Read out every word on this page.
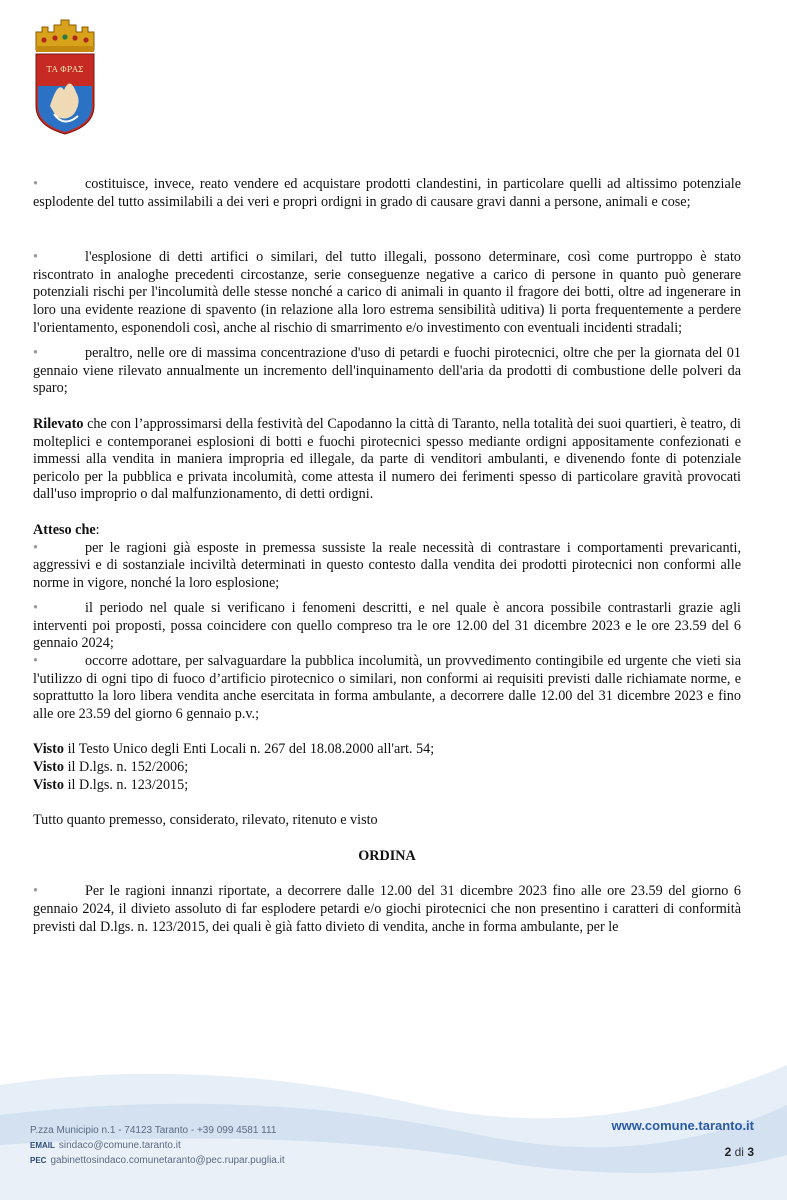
ΤΑ ΦΡΑΣ

•	costituisce, invece, reato vendere ed acquistare prodotti clandestini, in particolare quelli ad altissimo potenziale esplodente del tutto assimilabili a dei veri e propri ordigni in grado di causare gravi danni a persone, animali e cose;

•	l'esplosione di detti artifici o similari, del tutto illegali, possono determinare, così come purtroppo è stato riscontrato in analoghe precedenti circostanze, serie conseguenze negative a carico di persone in quanto può generare potenziali rischi per l'incolumità delle stesse nonché a carico di animali in quanto il fragore dei botti, oltre ad ingenerare in loro una evidente reazione di spavento (in relazione alla loro estrema sensibilità uditiva) li porta frequentemente a perdere l'orientamento, esponendoli così, anche al rischio di smarrimento e/o investimento con eventuali incidenti stradali;

•	peraltro, nelle ore di massima concentrazione d'uso di petardi e fuochi pirotecnici, oltre che per la giornata del 01 gennaio viene rilevato annualmente un incremento dell'inquinamento dell'aria da prodotti di combustione delle polveri da sparo;

Rilevato che con l’approssimarsi della festività del Capodanno la città di Taranto, nella totalità dei suoi quartieri, è teatro, di molteplici e contemporanei esplosioni di botti e fuochi pirotecnici spesso mediante ordigni appositamente confezionati e immessi alla vendita in maniera impropria ed illegale, da parte di venditori ambulanti, e divenendo fonte di potenziale pericolo per la pubblica e privata incolumità, come attesta il numero dei ferimenti spesso di particolare gravità provocati dall'uso improprio o dal malfunzionamento, di detti ordigni.

Atteso che:

•	per le ragioni già esposte in premessa sussiste la reale necessità di contrastare i comportamenti prevaricanti, aggressivi e di sostanziale inciviltà determinati in questo contesto dalla vendita dei prodotti pirotecnici non conformi alle norme in vigore, nonché la loro esplosione;

•	il periodo nel quale si verificano i fenomeni descritti, e nel quale è ancora possibile contrastarli grazie agli interventi poi proposti, possa coincidere con quello compreso tra le ore 12.00 del 31 dicembre 2023 e le ore 23.59 del 6 gennaio 2024;

•	occorre adottare, per salvaguardare la pubblica incolumità, un provvedimento contingibile ed urgente che vieti sia l'utilizzo di ogni tipo di fuoco d’artificio pirotecnico o similari, non conformi ai requisiti previsti dalle richiamate norme, e soprattutto la loro libera vendita anche esercitata in forma ambulante, a decorrere dalle 12.00 del 31 dicembre 2023 e fino alle ore 23.59 del giorno 6 gennaio p.v.;

Visto il Testo Unico degli Enti Locali n. 267 del 18.08.2000 all'art. 54;

Visto il D.lgs. n. 152/2006;

Visto il D.lgs. n. 123/2015;

Tutto quanto premesso, considerato, rilevato, ritenuto e visto

ORDINA

•	Per le ragioni innanzi riportate, a decorrere dalle 12.00 del 31 dicembre 2023 fino alle ore 23.59 del giorno 6 gennaio 2024, il divieto assoluto di far esplodere petardi e/o giochi pirotecnici che non presentino i caratteri di conformità previsti dal D.lgs. n. 123/2015, dei quali è già fatto divieto di vendita, anche in forma ambulante, per le

P.zza Municipio n.1 - 74123 Taranto - +39 099 4581 111
EMAIL sindaco@comune.taranto.it
PEC gabinettosindaco.comunetaranto@pec.rupar.puglia.it
www.comune.taranto.it
2 di 3
